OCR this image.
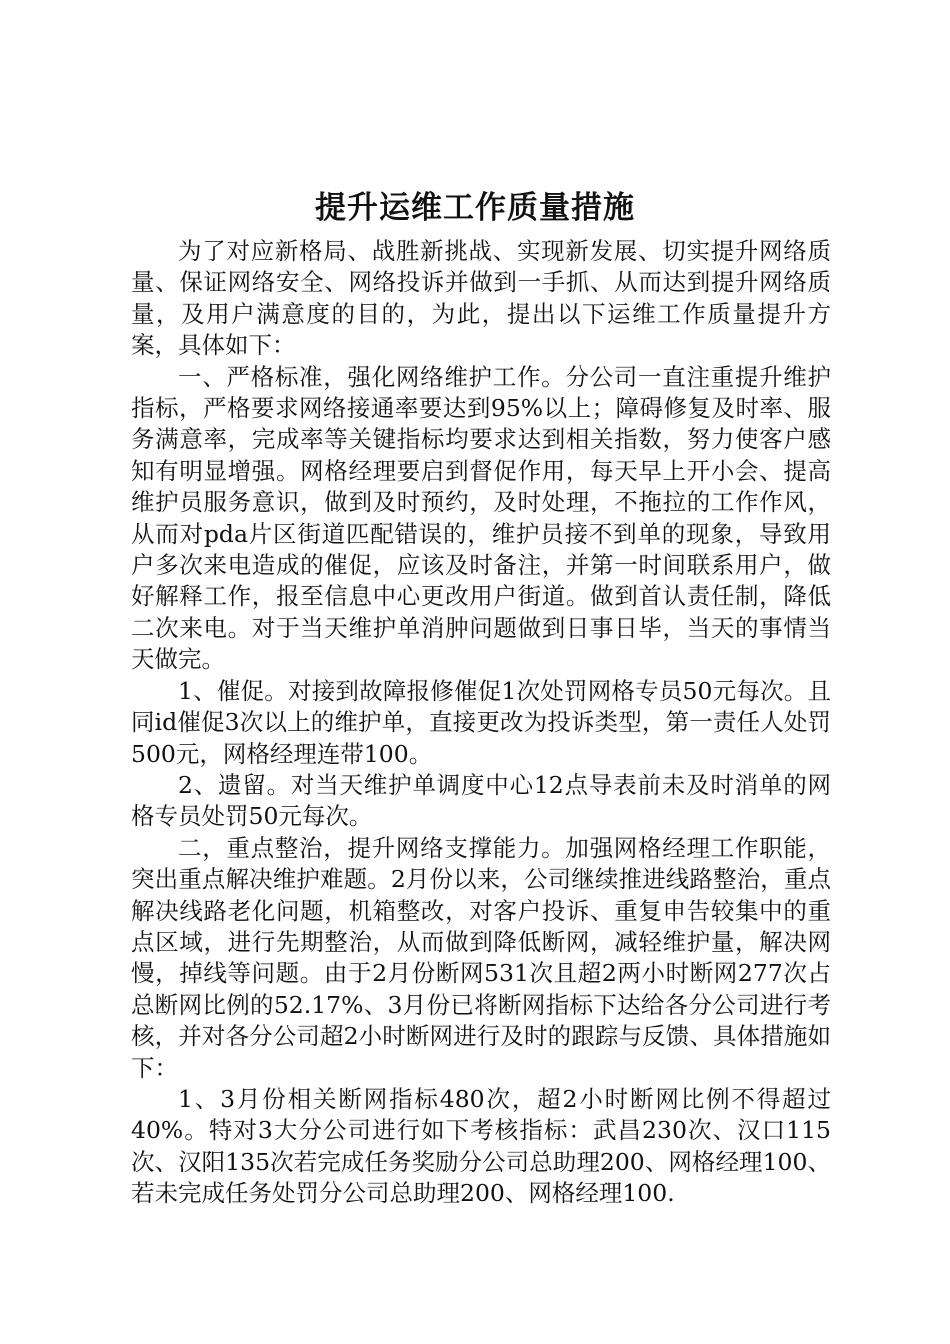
提升运维工作质量措施

为了对应新格局、战胜新挑战、实现新发展、切实提升网络质量、保证网络安全、网络投诉并做到一手抓、从而达到提升网络质量，及用户满意度的目的，为此，提出以下运维工作质量提升方案，具体如下：

一、严格标准，强化网络维护工作。分公司一直注重提升维护指标，严格要求网络接通率要达到95%以上；障碍修复及时率、服务满意率，完成率等关键指标均要求达到相关指数，努力使客户感知有明显增强。网格经理要启到督促作用，每天早上开小会、提高维护员服务意识，做到及时预约，及时处理，不拖拉的工作作风，从而对pda片区街道匹配错误的，维护员接不到单的现象，导致用户多次来电造成的催促，应该及时备注，并第一时间联系用户，做好解释工作，报至信息中心更改用户街道。做到首认责任制，降低二次来电。对于当天维护单消肿问题做到日事日毕，当天的事情当天做完。

1、催促。对接到故障报修催促1次处罚网格专员50元每次。且同id催促3次以上的维护单，直接更改为投诉类型，第一责任人处罚500元，网格经理连带100。

2、遗留。对当天维护单调度中心12点导表前未及时消单的网格专员处罚50元每次。

二，重点整治，提升网络支撑能力。加强网格经理工作职能，突出重点解决维护难题。2月份以来，公司继续推进线路整治，重点解决线路老化问题，机箱整改，对客户投诉、重复申告较集中的重点区域，进行先期整治，从而做到降低断网，减轻维护量，解决网慢，掉线等问题。由于2月份断网531次且超2两小时断网277次占总断网比例的52.17%、3月份已将断网指标下达给各分公司进行考核，并对各分公司超2小时断网进行及时的跟踪与反馈、具体措施如下：

1、3月份相关断网指标480次，超2小时断网比例不得超过40%。特对3大分公司进行如下考核指标：武昌230次、汉口115次、汉阳135次若完成任务奖励分公司总助理200、网格经理100、若未完成任务处罚分公司总助理200、网格经理100.
